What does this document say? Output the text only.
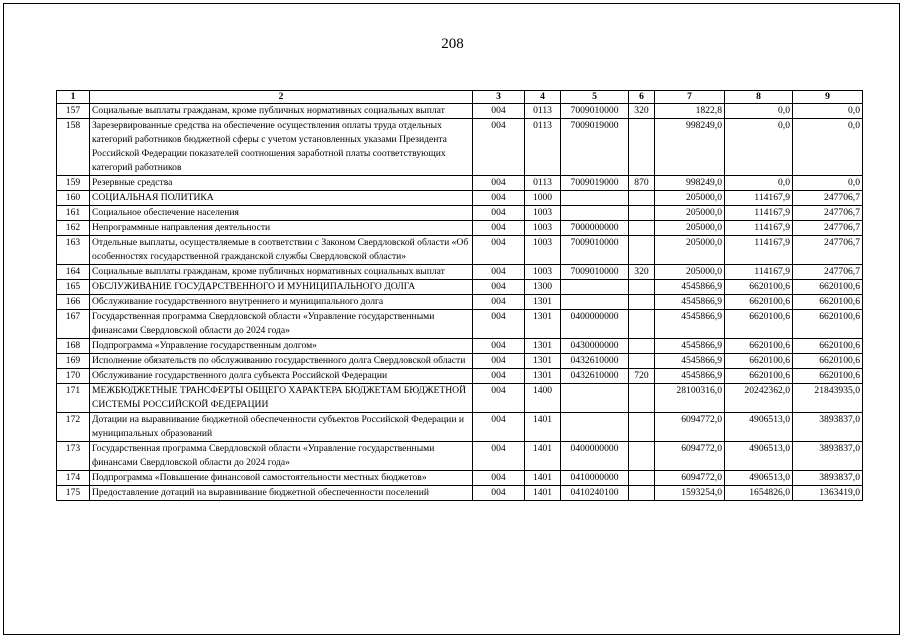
208
1	2	3	4	5	6	7	8	9
157	Социальные выплаты гражданам, кроме публичных нормативных социальных выплат	004	0113	7009010000	320	1822,8	0,0	0,0
158	Зарезервированные средства на обеспечение осуществления оплаты труда отдельных категорий работников бюджетной сферы с учетом установленных указами Президента Российской Федерации показателей соотношения заработной платы соответствующих категорий работников	004	0113	7009019000		998249,0	0,0	0,0
159	Резервные средства	004	0113	7009019000	870	998249,0	0,0	0,0
160	СОЦИАЛЬНАЯ ПОЛИТИКА	004	1000			205000,0	114167,9	247706,7
161	Социальное обеспечение населения	004	1003			205000,0	114167,9	247706,7
162	Непрограммные направления деятельности	004	1003	7000000000		205000,0	114167,9	247706,7
163	Отдельные выплаты, осуществляемые в соответствии с Законом Свердловской области «Об особенностях государственной гражданской службы Свердловской области»	004	1003	7009010000		205000,0	114167,9	247706,7
164	Социальные выплаты гражданам, кроме публичных нормативных социальных выплат	004	1003	7009010000	320	205000,0	114167,9	247706,7
165	ОБСЛУЖИВАНИЕ ГОСУДАРСТВЕННОГО И МУНИЦИПАЛЬНОГО ДОЛГА	004	1300			4545866,9	6620100,6	6620100,6
166	Обслуживание государственного внутреннего и муниципального долга	004	1301			4545866,9	6620100,6	6620100,6
167	Государственная программа Свердловской области «Управление государственными финансами Свердловской области до 2024 года»	004	1301	0400000000		4545866,9	6620100,6	6620100,6
168	Подпрограмма «Управление государственным долгом»	004	1301	0430000000		4545866,9	6620100,6	6620100,6
169	Исполнение обязательств по обслуживанию государственного долга Свердловской области	004	1301	0432610000		4545866,9	6620100,6	6620100,6
170	Обслуживание государственного долга субъекта Российской Федерации	004	1301	0432610000	720	4545866,9	6620100,6	6620100,6
171	МЕЖБЮДЖЕТНЫЕ ТРАНСФЕРТЫ ОБЩЕГО ХАРАКТЕРА БЮДЖЕТАМ БЮДЖЕТНОЙ СИСТЕМЫ РОССИЙСКОЙ ФЕДЕРАЦИИ	004	1400			28100316,0	20242362,0	21843935,0
172	Дотации на выравнивание бюджетной обеспеченности субъектов Российской Федерации и муниципальных образований	004	1401			6094772,0	4906513,0	3893837,0
173	Государственная программа Свердловской области «Управление государственными финансами Свердловской области до 2024 года»	004	1401	0400000000		6094772,0	4906513,0	3893837,0
174	Подпрограмма «Повышение финансовой самостоятельности местных бюджетов»	004	1401	0410000000		6094772,0	4906513,0	3893837,0
175	Предоставление дотаций на выравнивание бюджетной обеспеченности поселений	004	1401	0410240100		1593254,0	1654826,0	1363419,0
